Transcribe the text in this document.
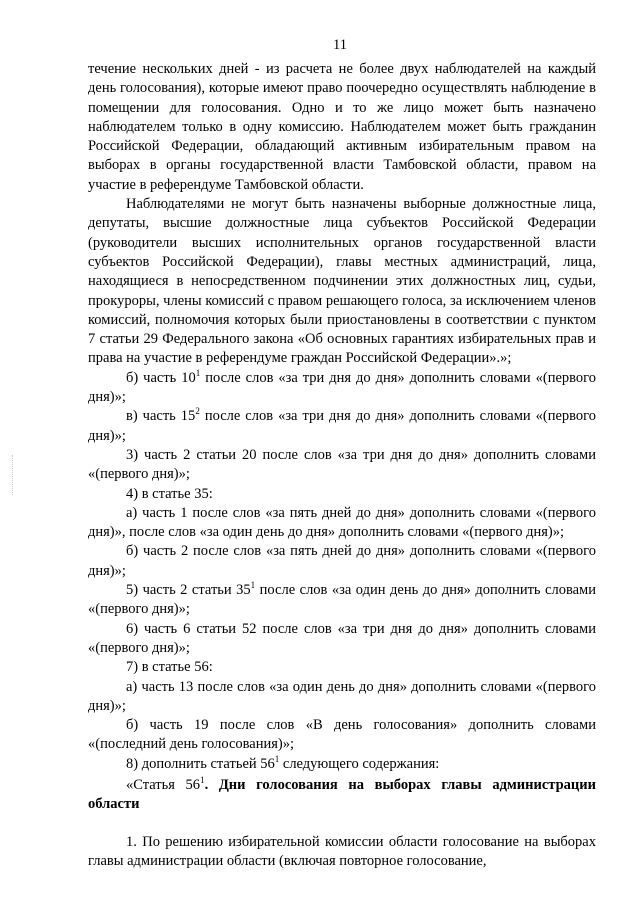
11

течение нескольких дней - из расчета не более двух наблюдателей на каждый день голосования), которые имеют право поочередно осуществлять наблюдение в помещении для голосования. Одно и то же лицо может быть назначено наблюдателем только в одну комиссию. Наблюдателем может быть гражданин Российской Федерации, обладающий активным избирательным правом на выборах в органы государственной власти Тамбовской области, правом на участие в референдуме Тамбовской области.

Наблюдателями не могут быть назначены выборные должностные лица, депутаты, высшие должностные лица субъектов Российской Федерации (руководители высших исполнительных органов государственной власти субъектов Российской Федерации), главы местных администраций, лица, находящиеся в непосредственном подчинении этих должностных лиц, судьи, прокуроры, члены комиссий с правом решающего голоса, за исключением членов комиссий, полномочия которых были приостановлены в соответствии с пунктом 7 статьи 29 Федерального закона «Об основных гарантиях избирательных прав и права на участие в референдуме граждан Российской Федерации».»;

б) часть $10^1$ после слов «за три дня до дня» дополнить словами «(первого дня)»;

в) часть $15^2$ после слов «за три дня до дня» дополнить словами «(первого дня)»;

3) часть 2 статьи 20 после слов «за три дня до дня» дополнить словами «(первого дня)»;

4) в статье 35:

а) часть 1 после слов «за пять дней до дня» дополнить словами «(первого дня)», после слов «за один день до дня» дополнить словами «(первого дня)»;

б) часть 2 после слов «за пять дней до дня» дополнить словами «(первого дня)»;

5) часть 2 статьи $35^1$ после слов «за один день до дня» дополнить словами «(первого дня)»;

6) часть 6 статьи 52 после слов «за три дня до дня» дополнить словами «(первого дня)»;

7) в статье 56:

а) часть 13 после слов «за один день до дня» дополнить словами «(первого дня)»;

б) часть 19 после слов «В день голосования» дополнить словами «(последний день голосования)»;

8) дополнить статьей $56^1$ следующего содержания:

«Статья $56^1$. Дни голосования на выборах главы администрации области

1. По решению избирательной комиссии области голосование на выборах главы администрации области (включая повторное голосование,
